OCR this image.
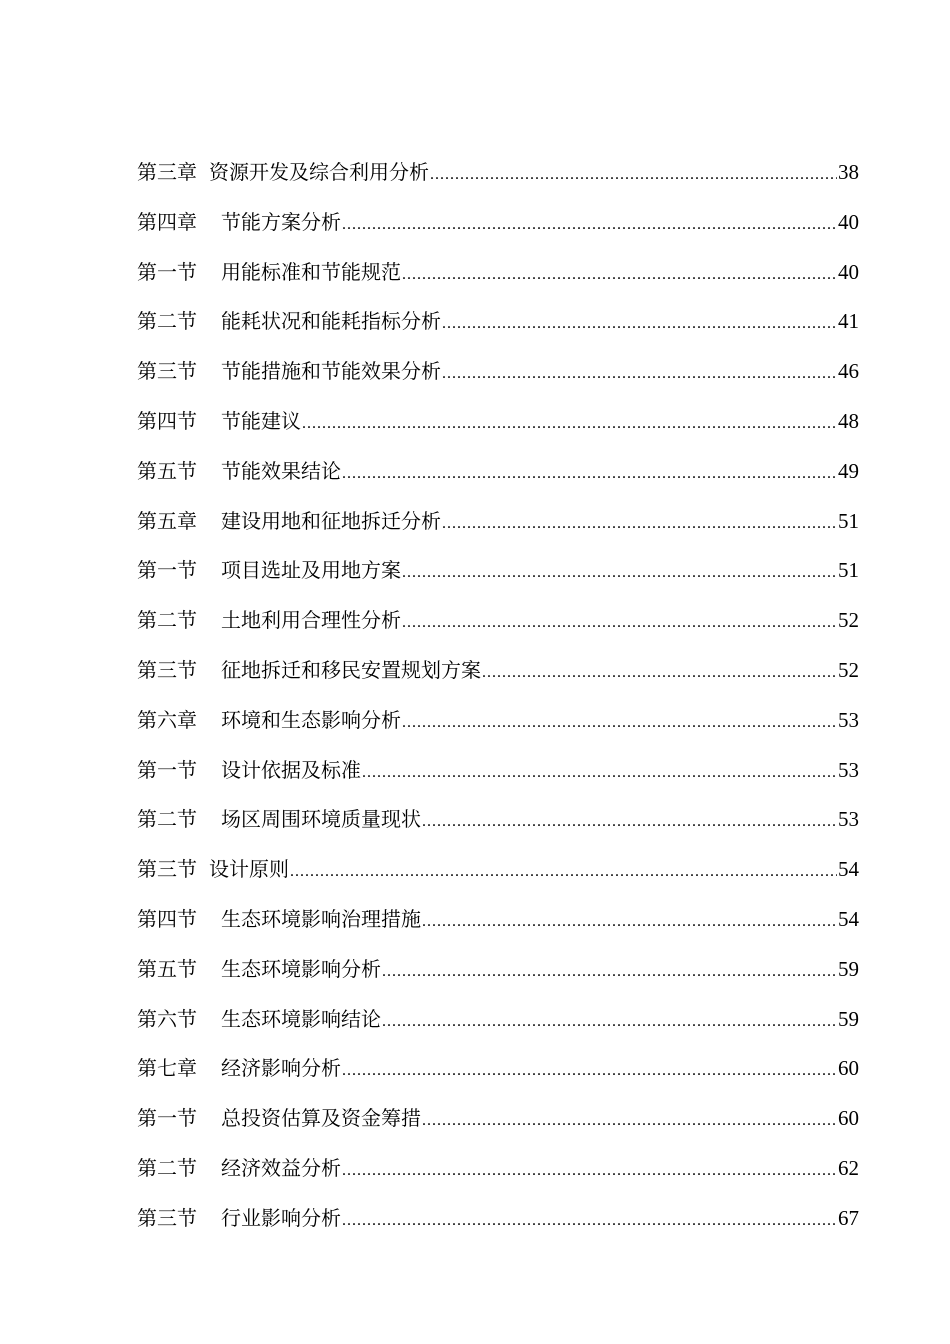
第三章 资源开发及综合利用分析 .....	38
第四章 节能方案分析 .....	40
第一节 用能标准和节能规范 .....	40
第二节 能耗状况和能耗指标分析 .....	41
第三节 节能措施和节能效果分析 .....	46
第四节 节能建议 .....	48
第五节 节能效果结论 .....	49
第五章 建设用地和征地拆迁分析 .....	51
第一节 项目选址及用地方案 .....	51
第二节 土地利用合理性分析 .....	52
第三节 征地拆迁和移民安置规划方案 .....	52
第六章 环境和生态影响分析 .....	53
第一节 设计依据及标准 .....	53
第二节 场区周围环境质量现状 .....	53
第三节 设计原则 .....	54
第四节 生态环境影响治理措施 .....	54
第五节 生态环境影响分析 .....	59
第六节 生态环境影响结论 .....	59
第七章 经济影响分析 .....	60
第一节 总投资估算及资金筹措 .....	60
第二节 经济效益分析 .....	62
第三节 行业影响分析 .....	67
